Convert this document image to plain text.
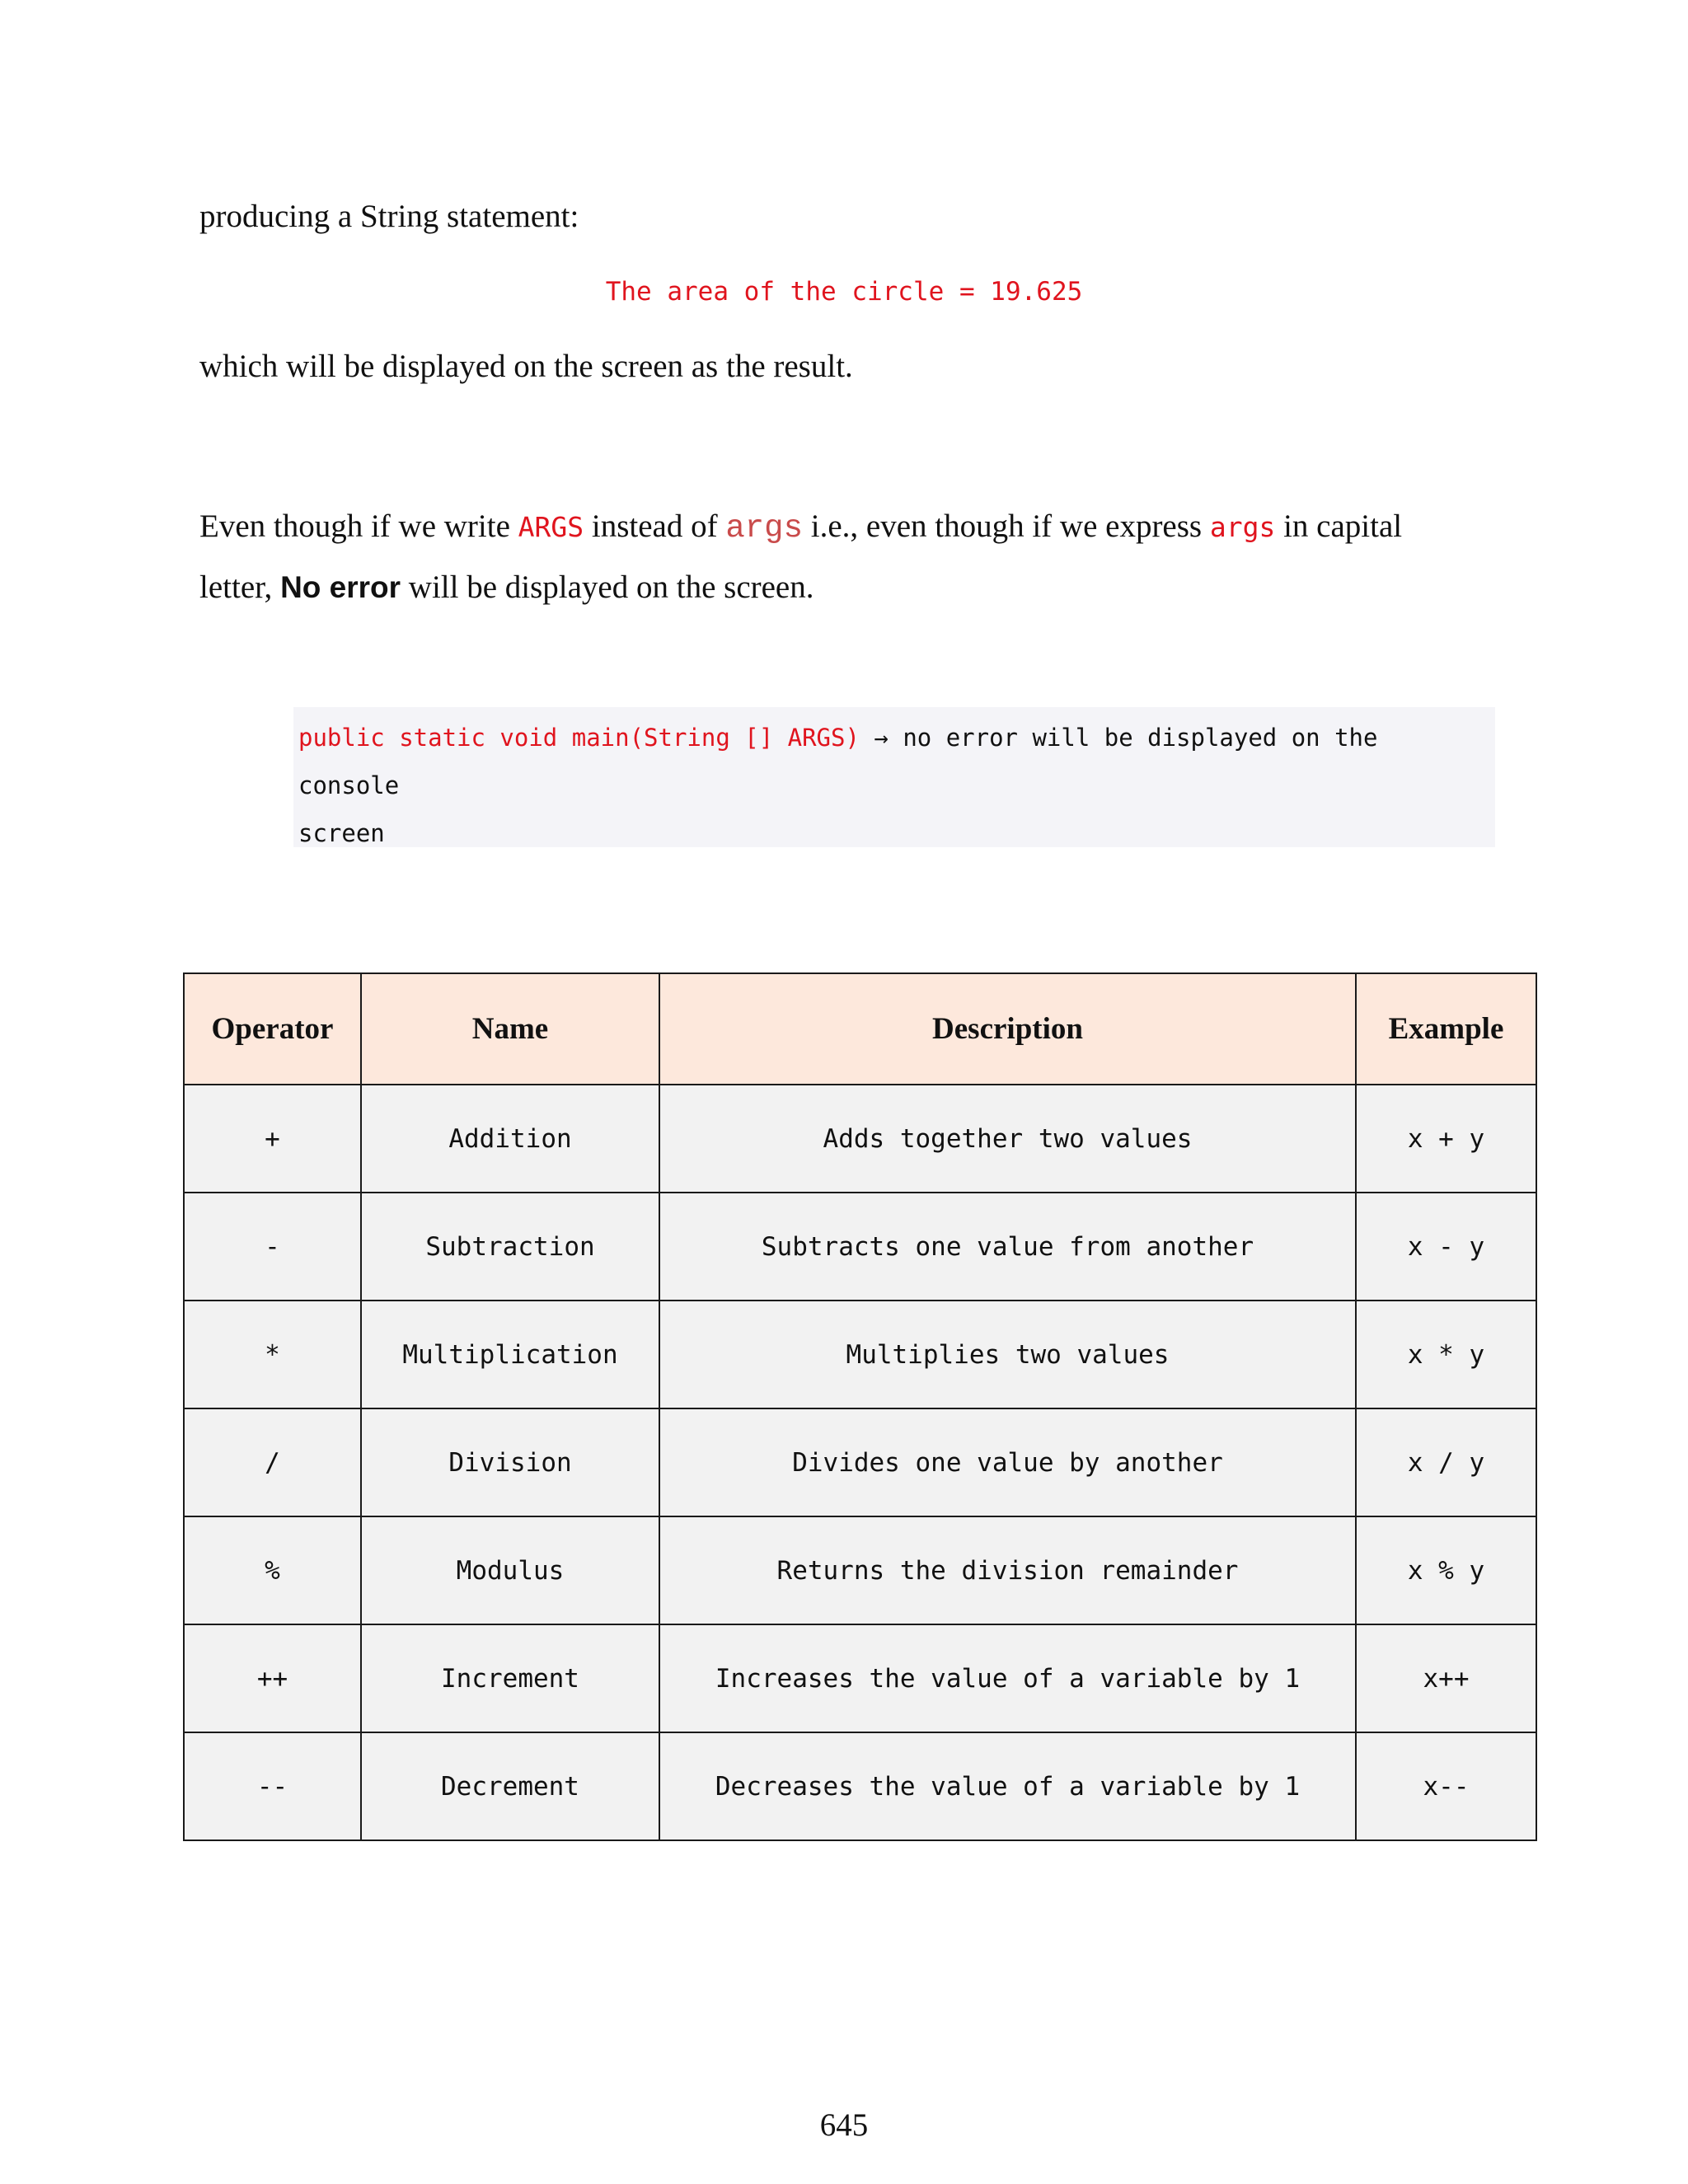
producing a String statement:

The area of the circle = 19.625

which will be displayed on the screen as the result.

Even though if we write ARGS instead of args i.e., even though if we express args in capital

letter, No error will be displayed on the screen.

public static void main(String [] ARGS) → no error will be displayed on the console
screen
Operator	Name	Description	Example
+	Addition	Adds together two values	x + y
-	Subtraction	Subtracts one value from another	x - y
*	Multiplication	Multiplies two values	x * y
/	Division	Divides one value by another	x / y
%	Modulus	Returns the division remainder	x % y
++	Increment	Increases the value of a variable by 1	x++
--	Decrement	Decreases the value of a variable by 1	x--

645
